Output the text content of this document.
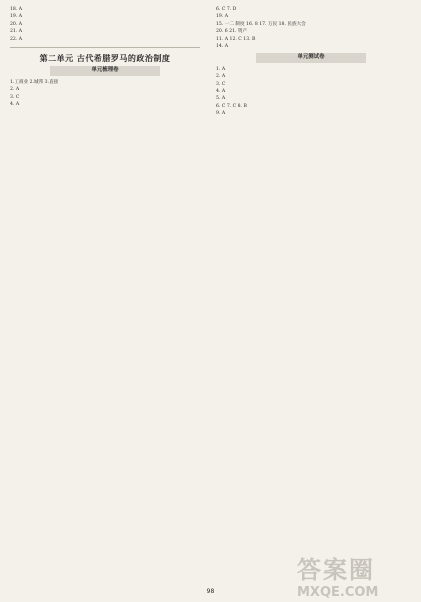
18. A
19. A
20. A
21. A
22. A
第二单元 古代希腊罗马的政治制度
单元梳理卷
1.工商业 2.城邦 3.直接
2. A
3. C
4. A
6. C 7. D
19. A
15. 一二 制度 16. 8 17. 万民 18. 民族大会
20. 6 21. 资产
11. A 12. C 13. B
14. A
单元测试卷
1. A
2. A
3. C
4. A
5. A
6. C 7. C 8. B
9. A
98
答案圈
MXQE.COM
